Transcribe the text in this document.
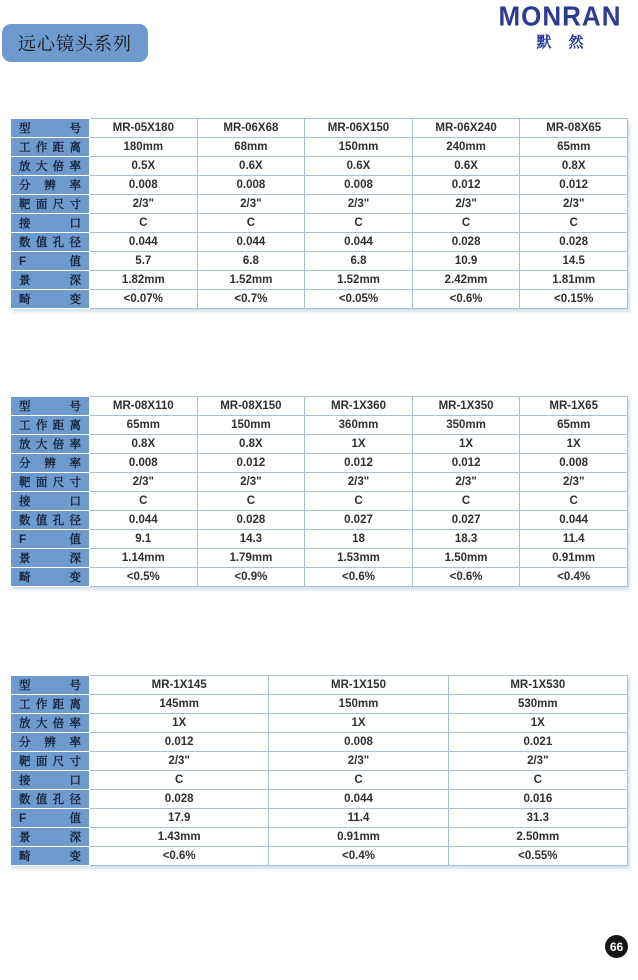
远心镜头系列
MONRAN
默然
型号	MR-05X180	MR-06X68	MR-06X150	MR-06X240	MR-08X65
工作距离	180mm	68mm	150mm	240mm	65mm
放大倍率	0.5X	0.6X	0.6X	0.6X	0.8X
分辨率	0.008	0.008	0.008	0.012	0.012
靶面尺寸	2/3"	2/3"	2/3"	2/3"	2/3"
接口	C	C	C	C	C
数值孔径	0.044	0.044	0.044	0.028	0.028
F值	5.7	6.8	6.8	10.9	14.5
景深	1.82mm	1.52mm	1.52mm	2.42mm	1.81mm
畸变	<0.07%	<0.7%	<0.05%	<0.6%	<0.15%
型号	MR-08X110	MR-08X150	MR-1X360	MR-1X350	MR-1X65
工作距离	65mm	150mm	360mm	350mm	65mm
放大倍率	0.8X	0.8X	1X	1X	1X
分辨率	0.008	0.012	0.012	0.012	0.008
靶面尺寸	2/3"	2/3"	2/3"	2/3"	2/3"
接口	C	C	C	C	C
数值孔径	0.044	0.028	0.027	0.027	0.044
F值	9.1	14.3	18	18.3	11.4
景深	1.14mm	1.79mm	1.53mm	1.50mm	0.91mm
畸变	<0.5%	<0.9%	<0.6%	<0.6%	<0.4%
型号	MR-1X145	MR-1X150	MR-1X530
工作距离	145mm	150mm	530mm
放大倍率	1X	1X	1X
分辨率	0.012	0.008	0.021
靶面尺寸	2/3"	2/3"	2/3"
接口	C	C	C
数值孔径	0.028	0.044	0.016
F值	17.9	11.4	31.3
景深	1.43mm	0.91mm	2.50mm
畸变	<0.6%	<0.4%	<0.55%
66
